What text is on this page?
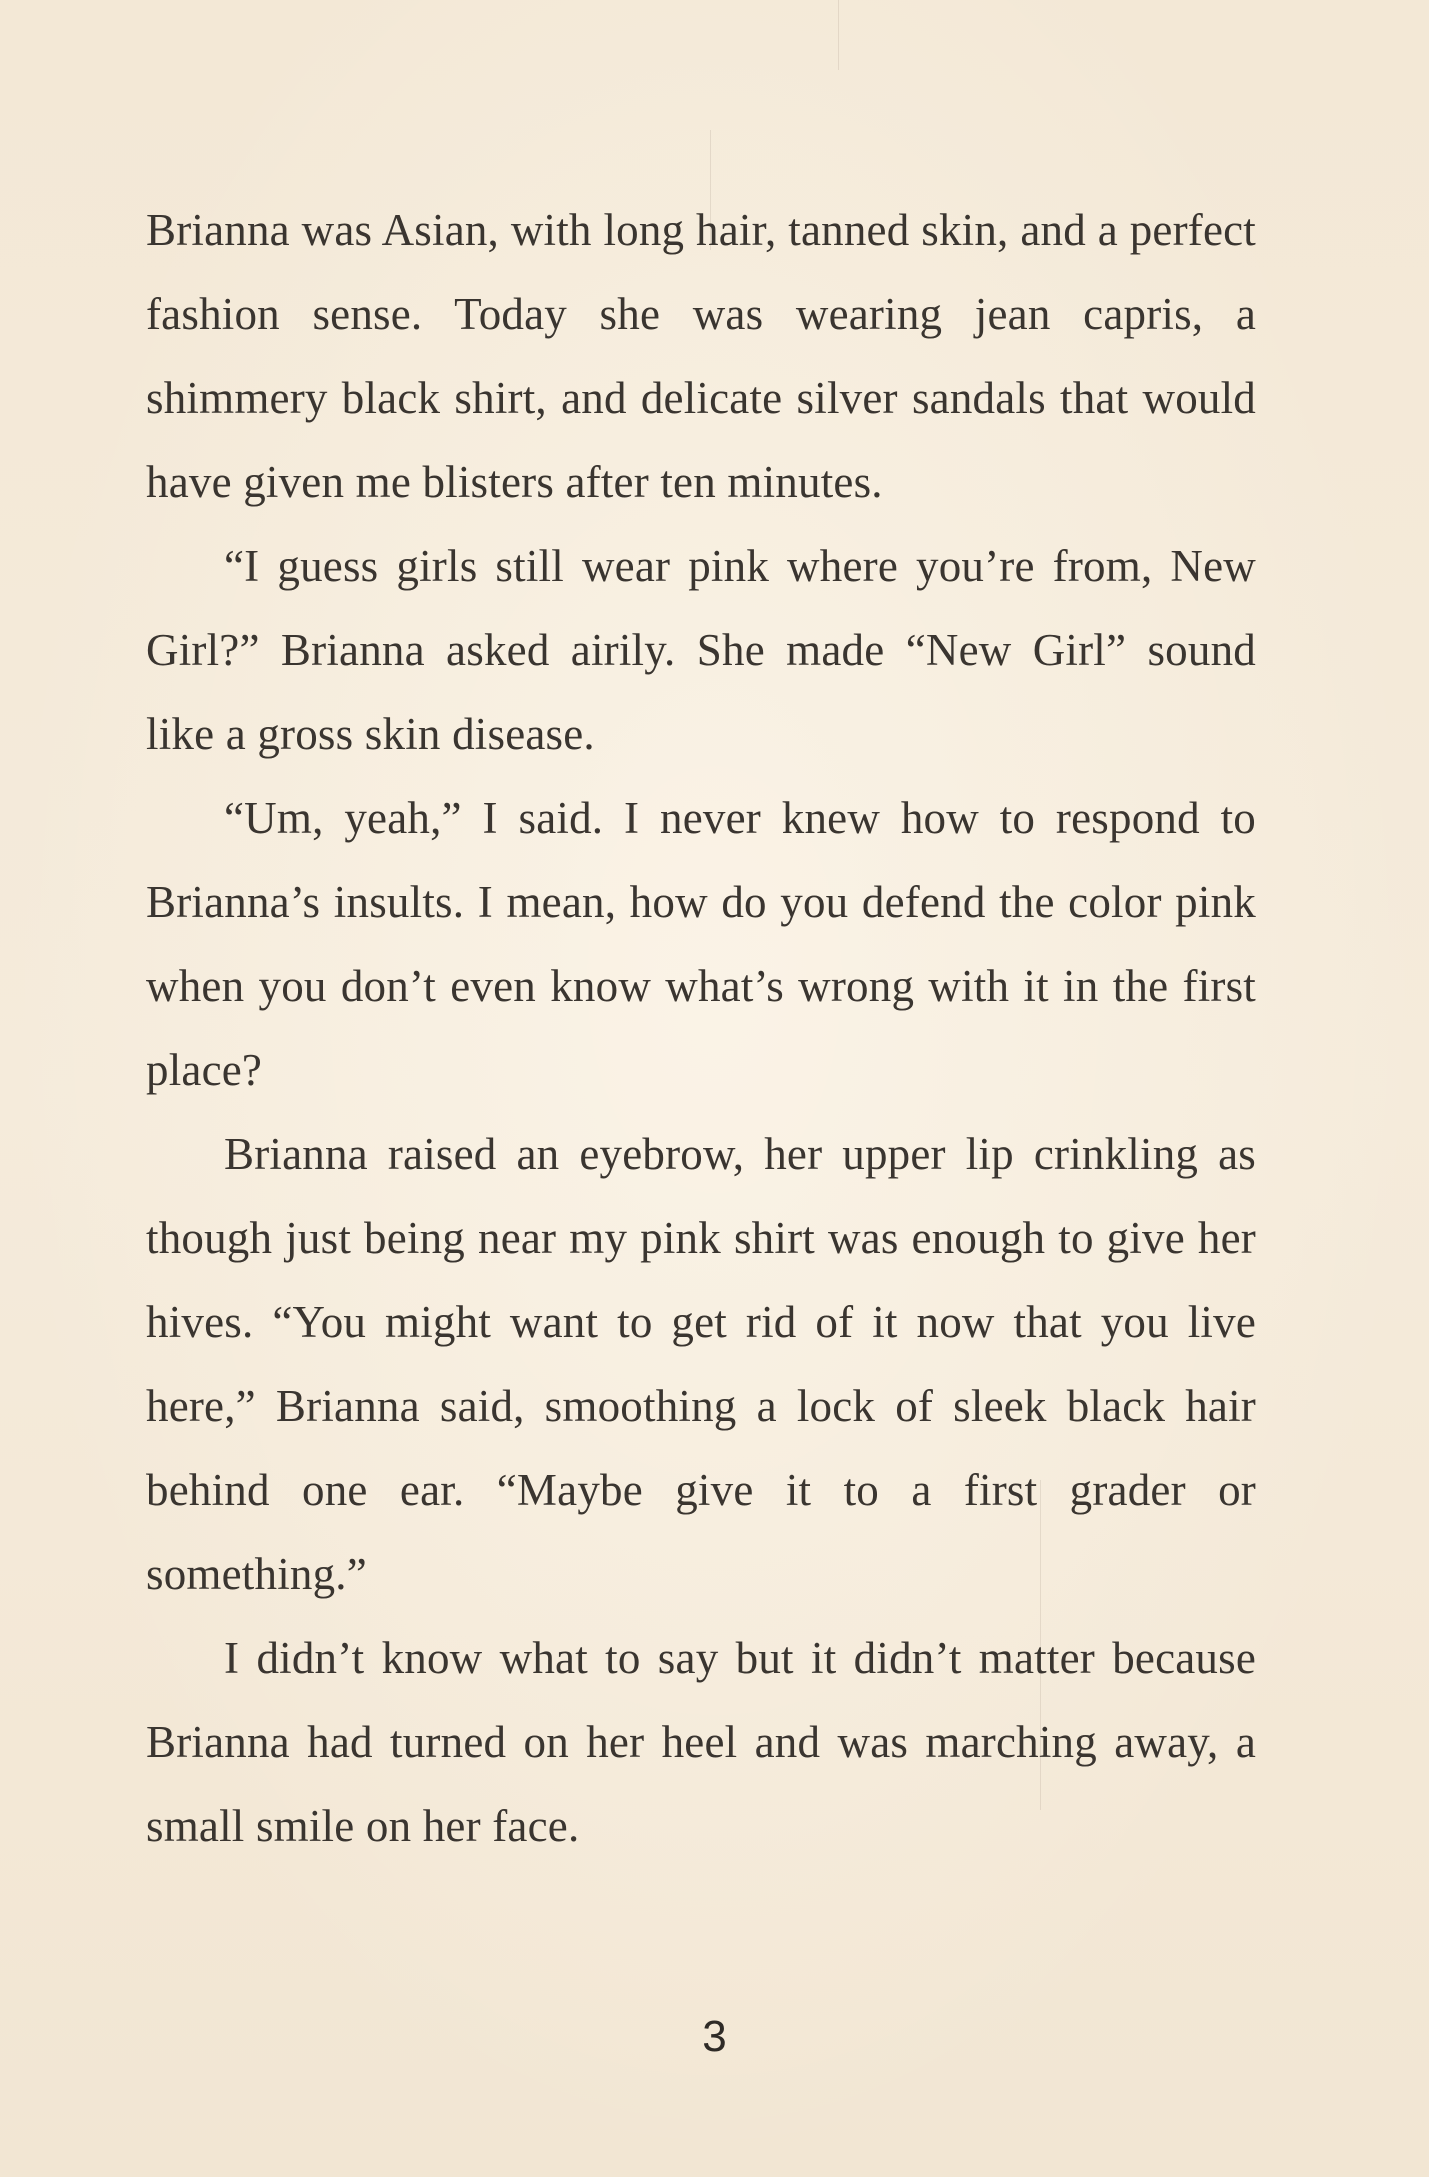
Brianna was Asian, with long hair, tanned skin, and a perfect fashion sense. Today she was wearing jean capris, a shimmery black shirt, and delicate silver sandals that would have given me blisters after ten minutes.

“I guess girls still wear pink where you’re from, New Girl?” Brianna asked airily. She made “New Girl” sound like a gross skin disease.

“Um, yeah,” I said. I never knew how to respond to Brianna’s insults. I mean, how do you defend the color pink when you don’t even know what’s wrong with it in the first place?

Brianna raised an eyebrow, her upper lip crinkling as though just being near my pink shirt was enough to give her hives. “You might want to get rid of it now that you live here,” Brianna said, smoothing a lock of sleek black hair behind one ear. “Maybe give it to a first grader or something.”

I didn’t know what to say but it didn’t matter because Brianna had turned on her heel and was marching away, a small smile on her face.

3
